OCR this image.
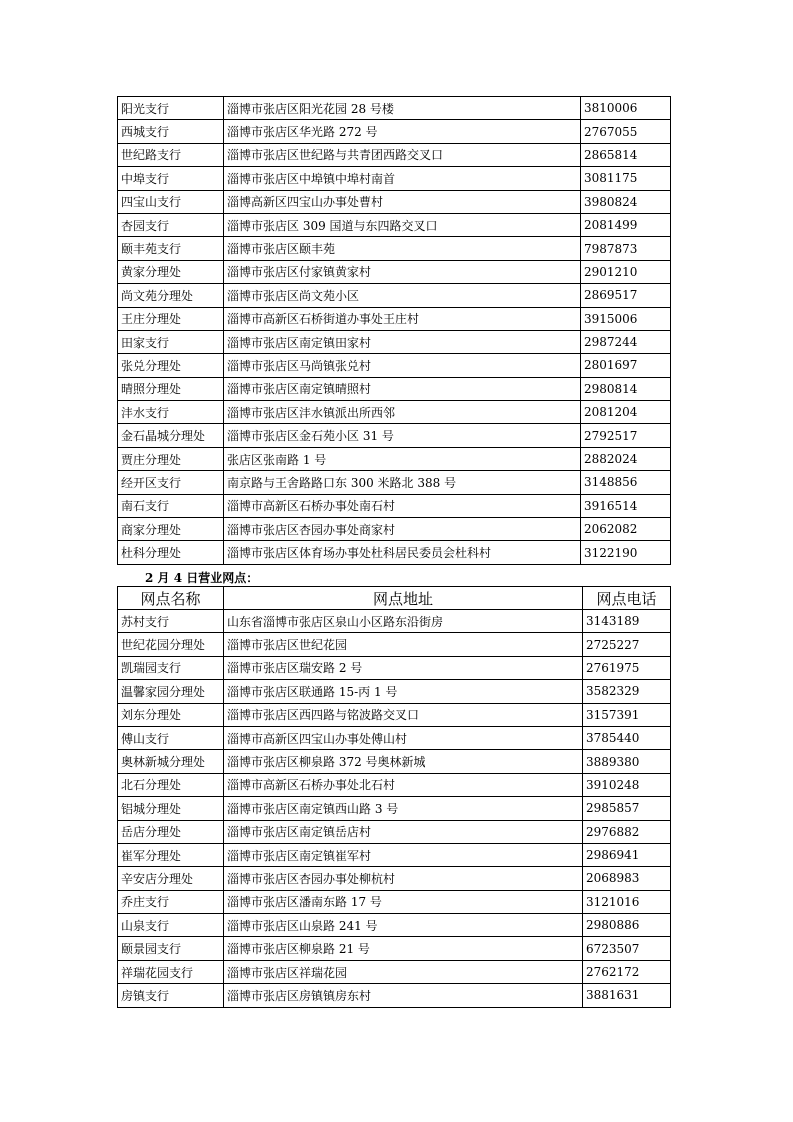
阳光支行	淄博市张店区阳光花园 28 号楼	3810006
西城支行	淄博市张店区华光路 272 号	2767055
世纪路支行	淄博市张店区世纪路与共青团西路交叉口	2865814
中埠支行	淄博市张店区中埠镇中埠村南首	3081175
四宝山支行	淄博高新区四宝山办事处曹村	3980824
杏园支行	淄博市张店区 309 国道与东四路交叉口	2081499
颐丰苑支行	淄博市张店区颐丰苑	7987873
黄家分理处	淄博市张店区付家镇黄家村	2901210
尚文苑分理处	淄博市张店区尚文苑小区	2869517
王庄分理处	淄博市高新区石桥街道办事处王庄村	3915006
田家支行	淄博市张店区南定镇田家村	2987244
张兑分理处	淄博市张店区马尚镇张兑村	2801697
晴照分理处	淄博市张店区南定镇晴照村	2980814
沣水支行	淄博市张店区沣水镇派出所西邻	2081204
金石晶城分理处	淄博市张店区金石苑小区 31 号	2792517
贾庄分理处	张店区张南路 1 号	2882024
经开区支行	南京路与王舍路路口东 300 米路北 388 号	3148856
南石支行	淄博市高新区石桥办事处南石村	3916514
商家分理处	淄博市张店区杏园办事处商家村	2062082
杜科分理处	淄博市张店区体育场办事处杜科居民委员会杜科村	3122190
2 月 4 日营业网点：
网点名称	网点地址	网点电话
苏村支行	山东省淄博市张店区泉山小区路东沿街房	3143189
世纪花园分理处	淄博市张店区世纪花园	2725227
凯瑞园支行	淄博市张店区瑞安路 2 号	2761975
温馨家园分理处	淄博市张店区联通路 15-丙 1 号	3582329
刘东分理处	淄博市张店区西四路与铭波路交叉口	3157391
傅山支行	淄博市高新区四宝山办事处傅山村	3785440
奥林新城分理处	淄博市张店区柳泉路 372 号奥林新城	3889380
北石分理处	淄博市高新区石桥办事处北石村	3910248
铝城分理处	淄博市张店区南定镇西山路 3 号	2985857
岳店分理处	淄博市张店区南定镇岳店村	2976882
崔军分理处	淄博市张店区南定镇崔军村	2986941
辛安店分理处	淄博市张店区杏园办事处柳杭村	2068983
乔庄支行	淄博市张店区潘南东路 17 号	3121016
山泉支行	淄博市张店区山泉路 241 号	2980886
颐景园支行	淄博市张店区柳泉路 21 号	6723507
祥瑞花园支行	淄博市张店区祥瑞花园	2762172
房镇支行	淄博市张店区房镇镇房东村	3881631
